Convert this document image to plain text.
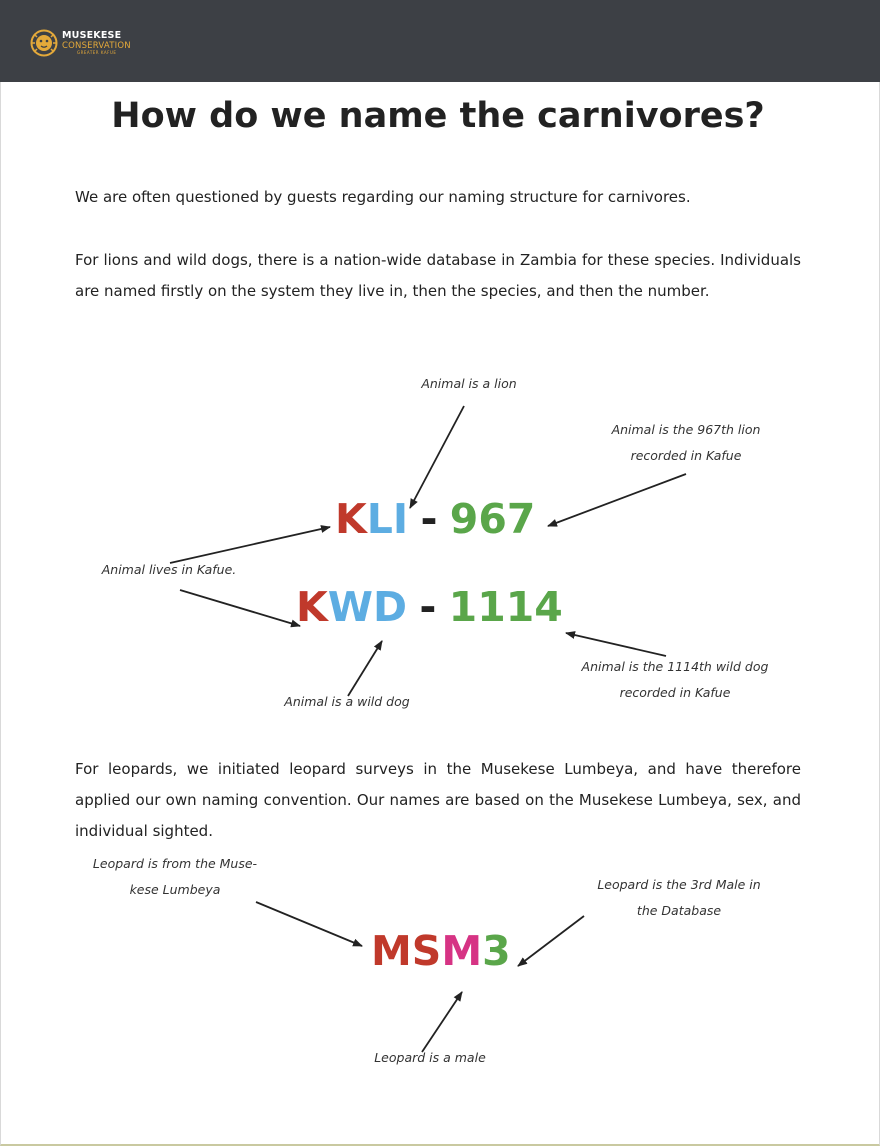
MUSEKESE
CONSERVATION
GREATER KAFUE
How do we name the carnivores?

We are often questioned by guests regarding our naming structure for carnivores.

For lions and wild dogs, there is a nation-wide database in Zambia for these species. Individuals are named firstly on the system they live in, then the species, and then the number.

Animal is a lion
Animal is the 967th lion
recorded in Kafue
Animal lives in Kafue.
Animal is a wild dog
Animal is the 1114th wild dog
recorded in Kafue
KLI - 967
KWD - 1114

For leopards, we initiated leopard surveys in the Musekese Lumbeya, and have therefore applied our own naming convention. Our names are based on the Musekese Lumbeya, sex, and individual sighted.

Leopard is from the Muse-
kese Lumbeya	Leopard is the 3rd Male in
the Database
Leopard is a male
MSM3
